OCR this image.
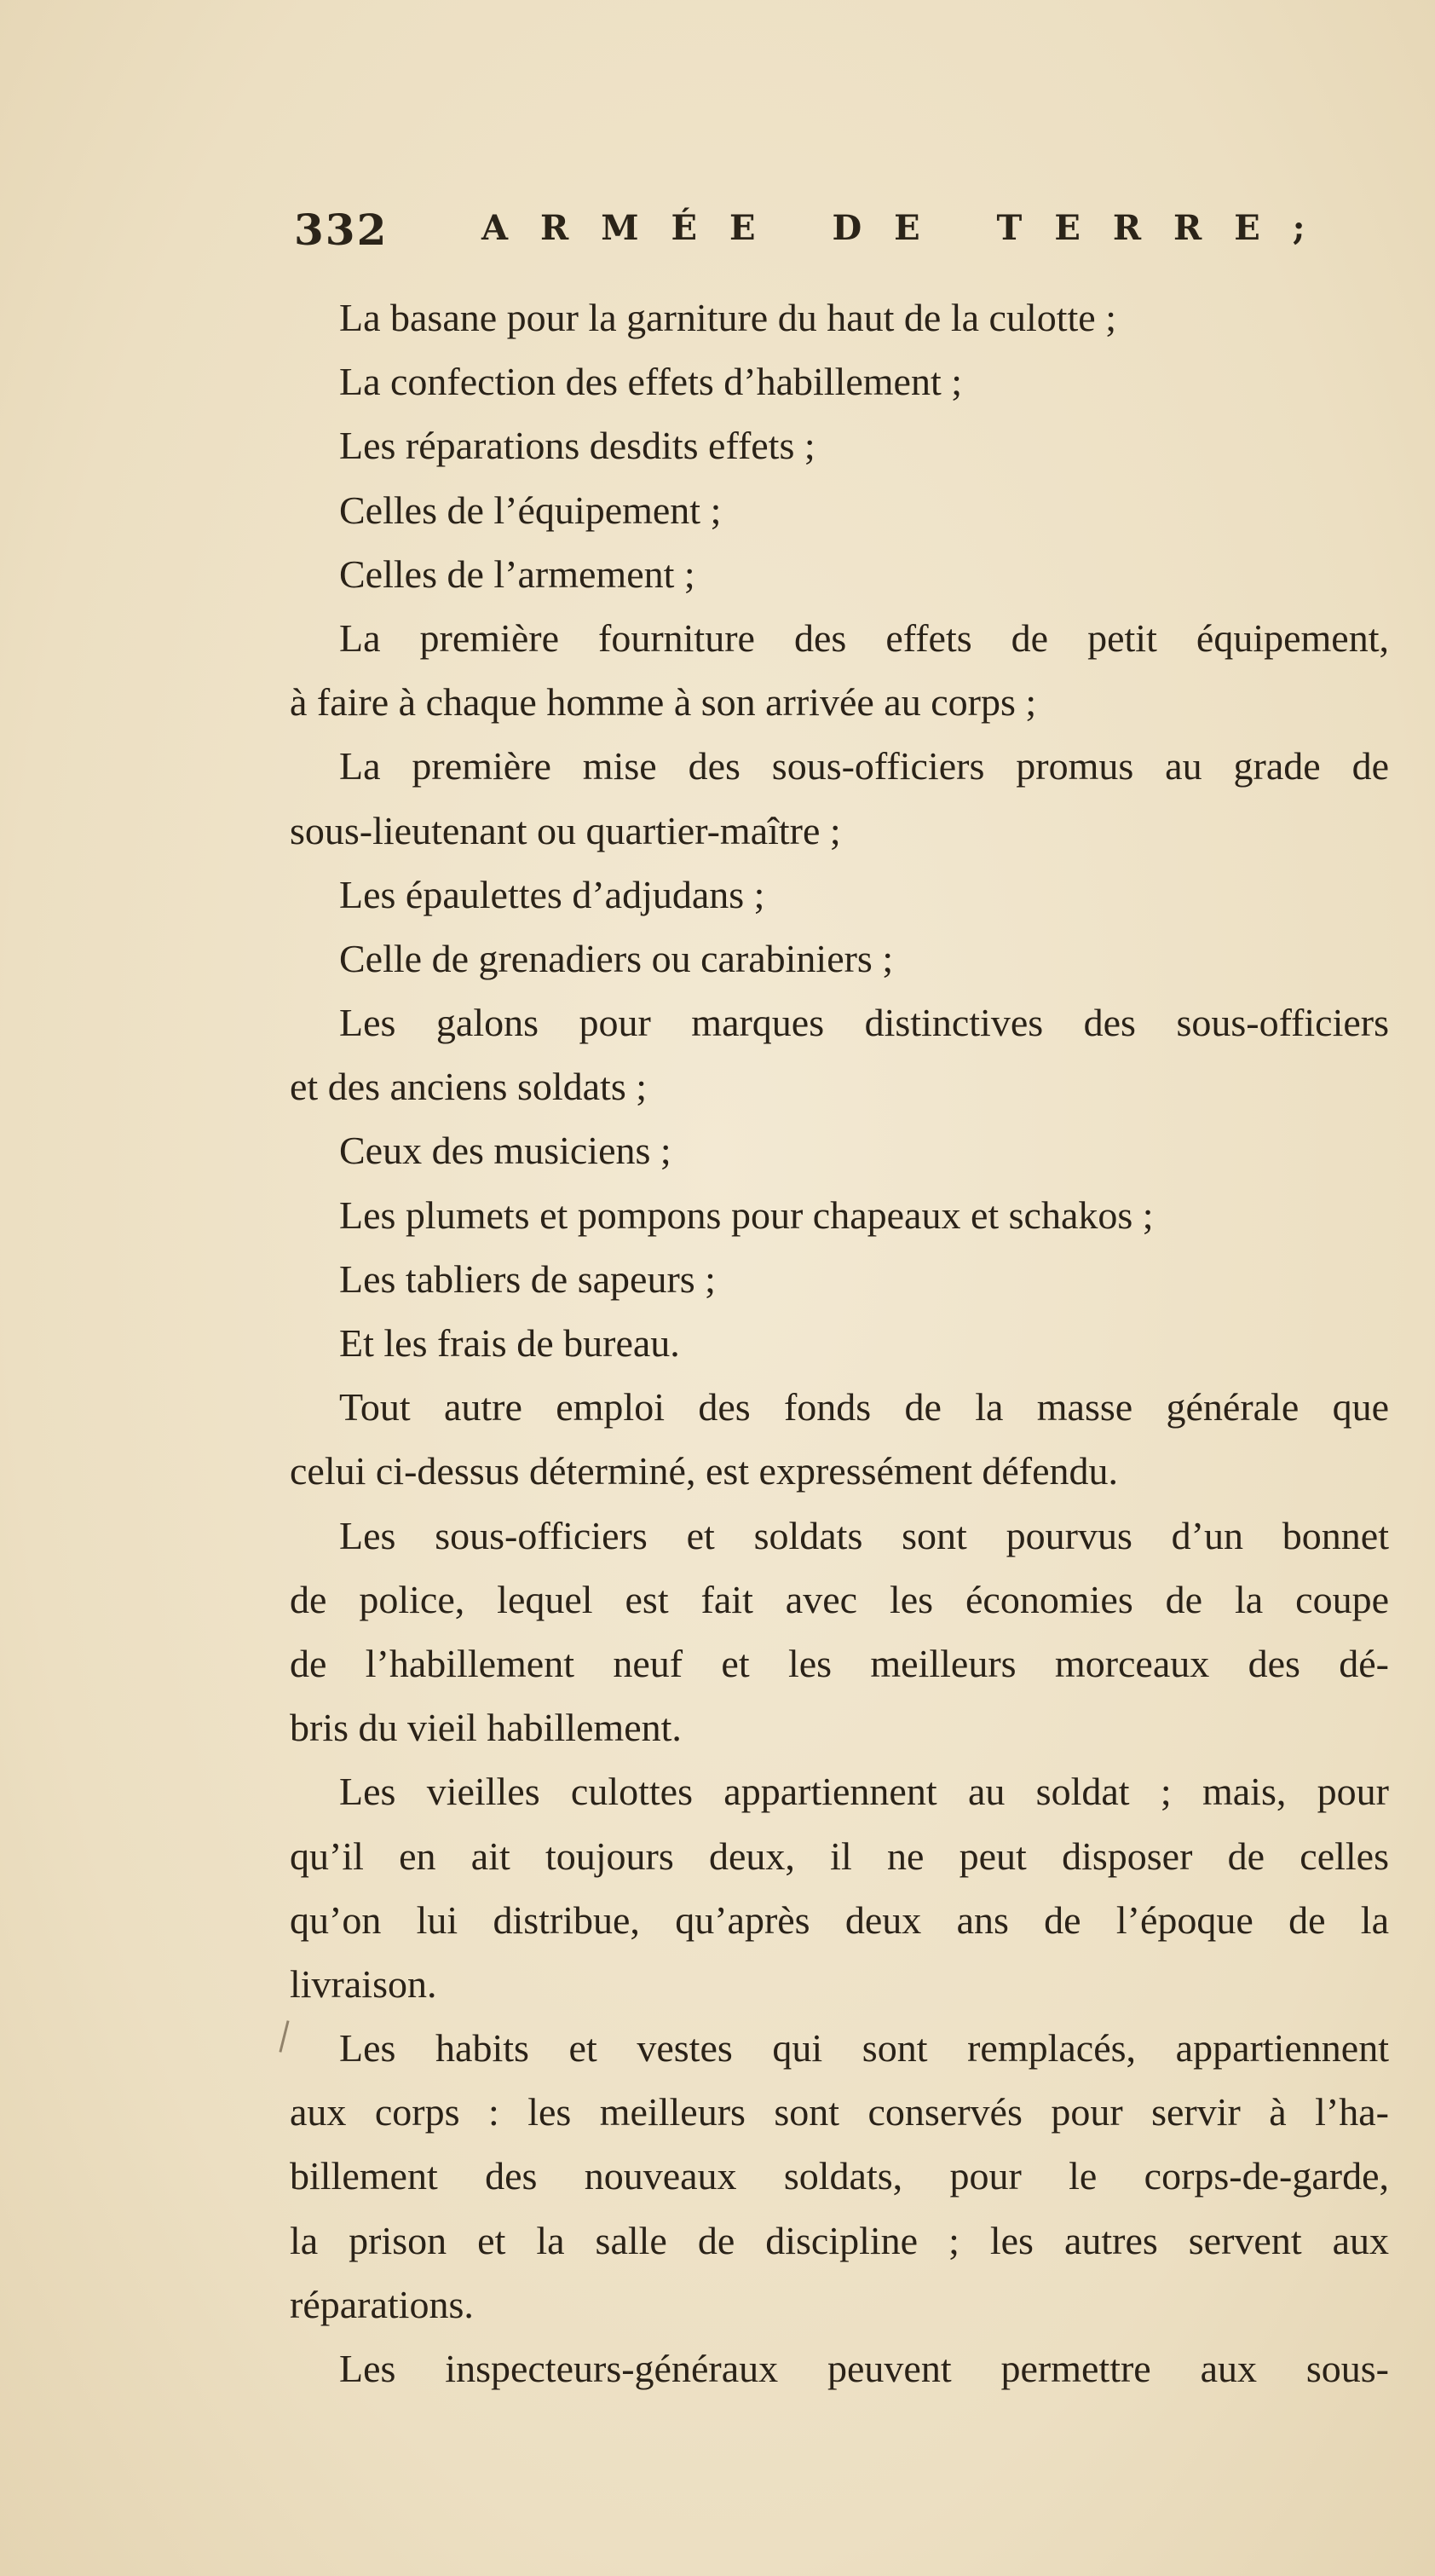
332	ARMÉE DE TERRE;
La basane pour la garniture du haut de la culotte ;
La confection des effets d’habillement ;
Les réparations desdits effets ;
Celles de l’équipement ;
Celles de l’armement ;
La première fourniture des effets de petit équipement,
à faire à chaque homme à son arrivée au corps ;
La première mise des sous-officiers promus au grade de
sous-lieutenant ou quartier-maître ;
Les épaulettes d’adjudans ;
Celle de grenadiers ou carabiniers ;
Les galons pour marques distinctives des sous-officiers
et des anciens soldats ;
Ceux des musiciens ;
Les plumets et pompons pour chapeaux et schakos ;
Les tabliers de sapeurs ;
Et les frais de bureau.
Tout autre emploi des fonds de la masse générale que
celui ci-dessus déterminé, est expressément défendu.
Les sous-officiers et soldats sont pourvus d’un bonnet
de police, lequel est fait avec les économies de la coupe
de l’habillement neuf et les meilleurs morceaux des dé-
bris du vieil habillement.
Les vieilles culottes appartiennent au soldat ; mais, pour
qu’il en ait toujours deux, il ne peut disposer de celles
qu’on lui distribue, qu’après deux ans de l’époque de la
livraison.
Les habits et vestes qui sont remplacés, appartiennent
aux corps : les meilleurs sont conservés pour servir à l’ha-
billement des nouveaux soldats, pour le corps-de-garde,
la prison et la salle de discipline ; les autres servent aux
réparations.
Les inspecteurs-généraux peuvent permettre aux sous-
